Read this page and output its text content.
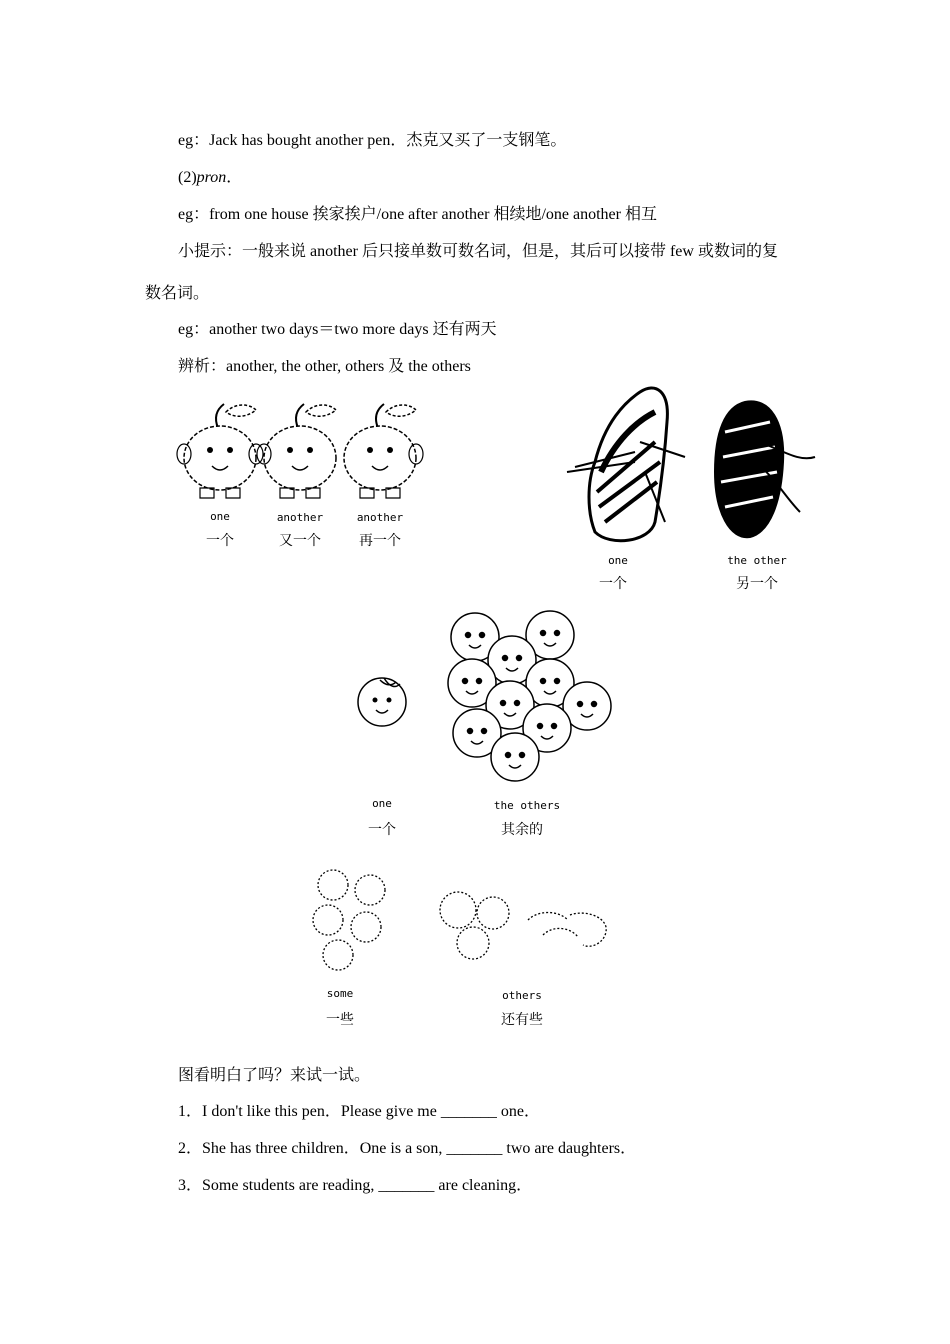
eg：Jack has bought another pen．杰克又买了一支钢笔。
(2)pron．
eg：from one house 挨家挨户/one after another 相续地/one another 相互
小提示：一般来说 another 后只接单数可数名词，但是，其后可以接带 few 或数词的复
数名词。
eg：another two days＝two more days 还有两天
辨析：another, the other, others 及 the others
one	another	another
一个	又一个	再一个
one	the other
一个	另一个
one	the others
一个	其余的
some	others
一些	还有些
图看明白了吗？来试一试。
1．I don't like this pen．Please give me _______ one．
2．She has three children．One is a son, _______ two are daughters．
3．Some students are reading, _______ are cleaning．
